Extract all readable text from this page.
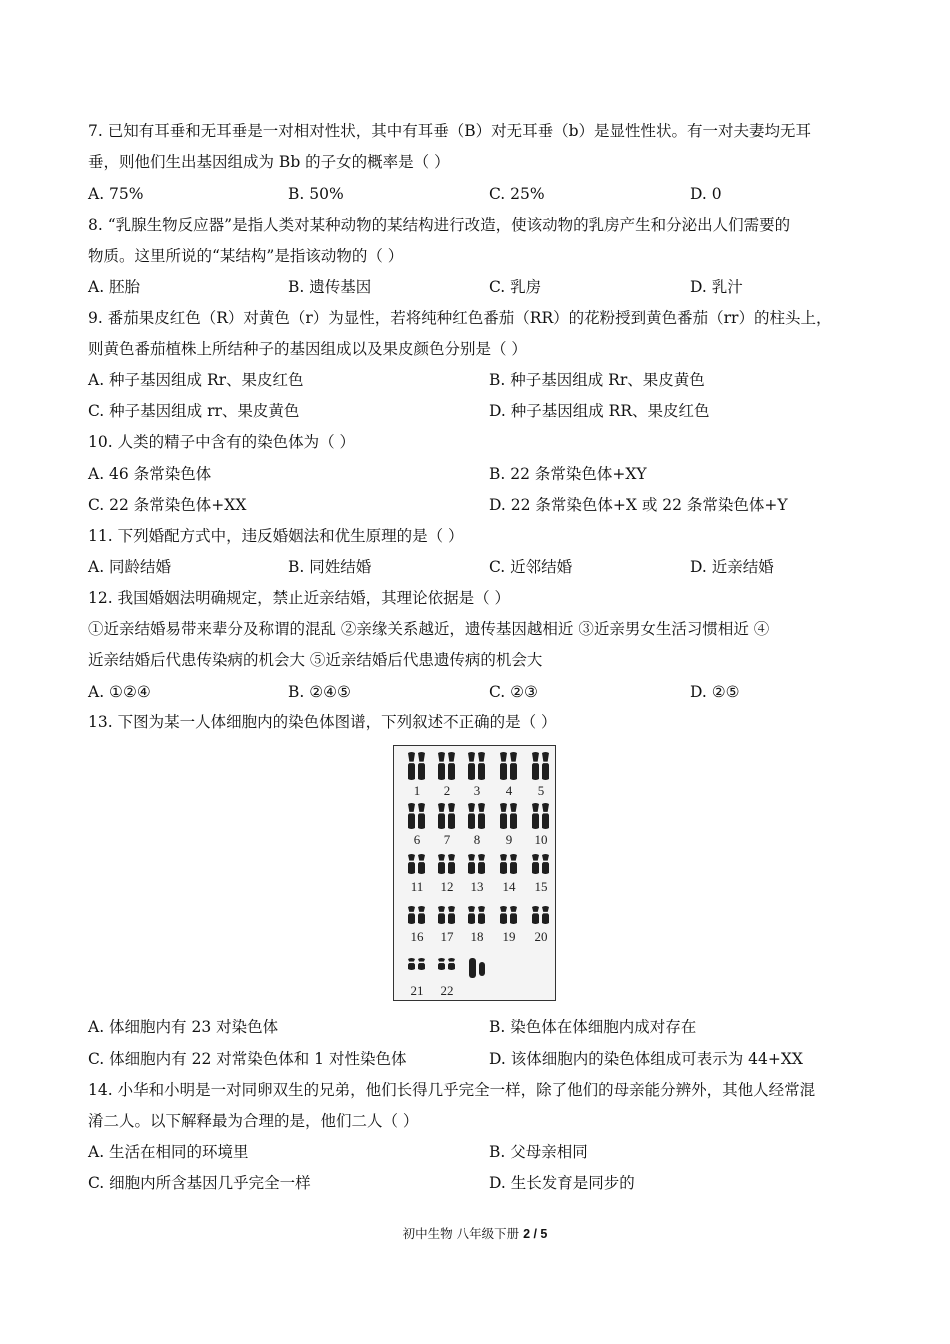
7. 已知有耳垂和无耳垂是一对相对性状，其中有耳垂（B）对无耳垂（b）是显性性状。有一对夫妻均无耳
垂，则他们生出基因组成为 Bb 的子女的概率是（ ）
A. 75%	B. 50%	C. 25%	D. 0
8. “乳腺生物反应器”是指人类对某种动物的某结构进行改造，使该动物的乳房产生和分泌出人们需要的
物质。这里所说的“某结构”是指该动物的（ ）
A. 胚胎	B. 遗传基因	C. 乳房	D. 乳汁
9. 番茄果皮红色（R）对黄色（r）为显性，若将纯种红色番茄（RR）的花粉授到黄色番茄（rr）的柱头上，
则黄色番茄植株上所结种子的基因组成以及果皮颜色分别是（ ）
A. 种子基因组成 Rr、果皮红色	B. 种子基因组成 Rr、果皮黄色
C. 种子基因组成 rr、果皮黄色	D. 种子基因组成 RR、果皮红色
10. 人类的精子中含有的染色体为（ ）
A. 46 条常染色体	B. 22 条常染色体+XY
C. 22 条常染色体+XX	D. 22 条常染色体+X 或 22 条常染色体+Y
11. 下列婚配方式中，违反婚姻法和优生原理的是（ ）
A. 同龄结婚	B. 同姓结婚	C. 近邻结婚	D. 近亲结婚
12. 我国婚姻法明确规定，禁止近亲结婚，其理论依据是（ ）
①近亲结婚易带来辈分及称谓的混乱 ②亲缘关系越近，遗传基因越相近 ③近亲男女生活习惯相近 ④
近亲结婚后代患传染病的机会大 ⑤近亲结婚后代患遗传病的机会大
A. ①②④	B. ②④⑤	C. ②③	D. ②⑤
13. 下图为某一人体细胞内的染色体图谱，下列叙述不正确的是（ ）
1	2	3	4	5
6	7	8	9	10
11	12	13	14	15
16	17	18	19	20
21	22
A. 体细胞内有 23 对染色体	B. 染色体在体细胞内成对存在
C. 体细胞内有 22 对常染色体和 1 对性染色体	D. 该体细胞内的染色体组成可表示为 44+XX
14. 小华和小明是一对同卵双生的兄弟，他们长得几乎完全一样，除了他们的母亲能分辨外，其他人经常混
淆二人。以下解释最为合理的是，他们二人（ ）
A. 生活在相同的环境里	B. 父母亲相同
C. 细胞内所含基因几乎完全一样	D. 生长发育是同步的
初中生物 八年级下册 2 / 5
